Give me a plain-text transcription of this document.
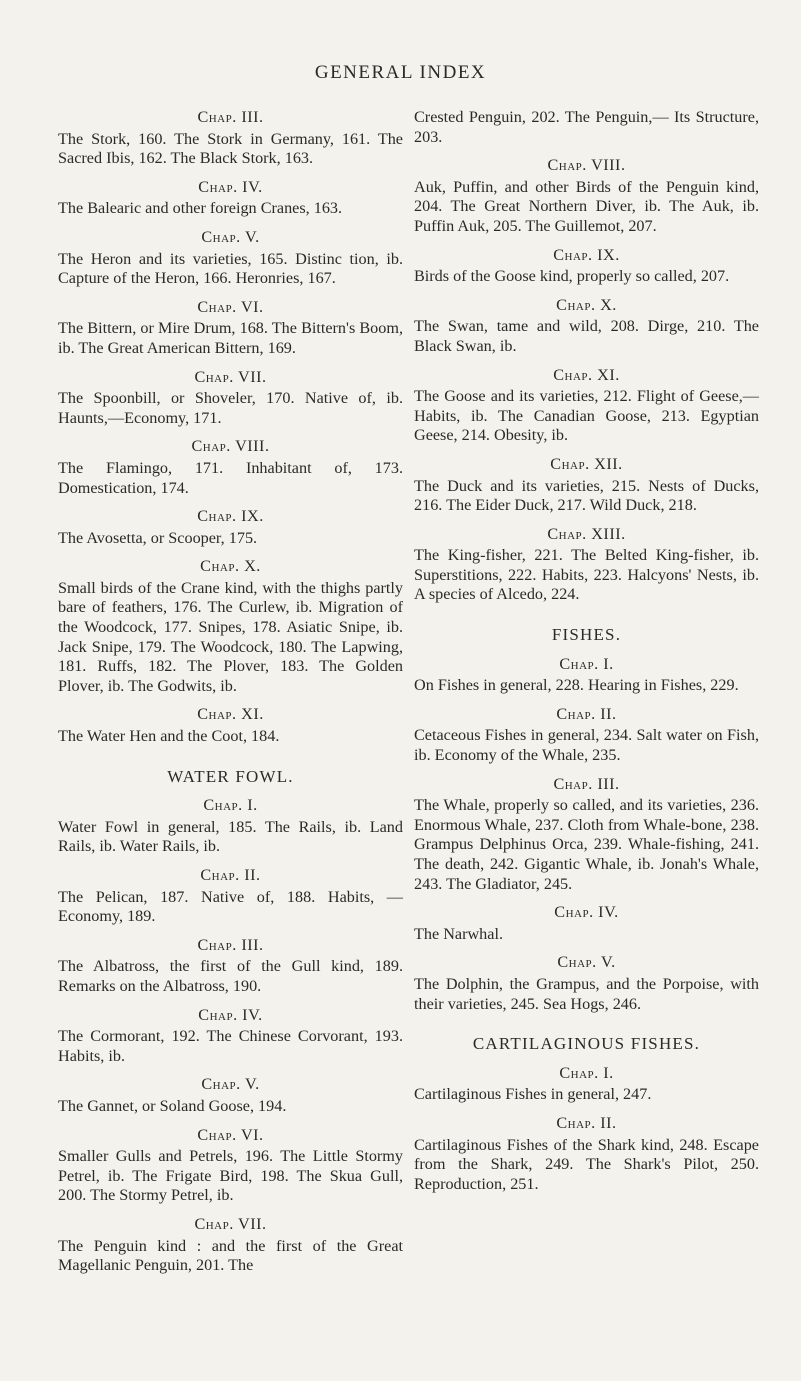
GENERAL INDEX
Chap. III.
The Stork, 160. The Stork in Germany, 161. The Sacred Ibis, 162. The Black Stork, 163.
Chap. IV.
The Balearic and other foreign Cranes, 163.
Chap. V.
The Heron and its varieties, 165. Distinc tion, ib. Capture of the Heron, 166. Heronries, 167.
Chap. VI.
The Bittern, or Mire Drum, 168. The Bittern's Boom, ib. The Great American Bittern, 169.
Chap. VII.
The Spoonbill, or Shoveler, 170. Native of, ib. Haunts,—Economy, 171.
Chap. VIII.
The Flamingo, 171. Inhabitant of, 173. Domestication, 174.
Chap. IX.
The Avosetta, or Scooper, 175.
Chap. X.
Small birds of the Crane kind, with the thighs partly bare of feathers, 176. The Curlew, ib. Migration of the Woodcock, 177. Snipes, 178. Asiatic Snipe, ib. Jack Snipe, 179. The Woodcock, 180. The Lapwing, 181. Ruffs, 182. The Plover, 183. The Golden Plover, ib. The Godwits, ib.
Chap. XI.
The Water Hen and the Coot, 184.
WATER FOWL.
Chap. I.
Water Fowl in general, 185. The Rails, ib. Land Rails, ib. Water Rails, ib.
Chap. II.
The Pelican, 187. Native of, 188. Habits, —Economy, 189.
Chap. III.
The Albatross, the first of the Gull kind, 189. Remarks on the Albatross, 190.
Chap. IV.
The Cormorant, 192. The Chinese Corvorant, 193. Habits, ib.
Chap. V.
The Gannet, or Soland Goose, 194.
Chap. VI.
Smaller Gulls and Petrels, 196. The Little Stormy Petrel, ib. The Frigate Bird, 198. The Skua Gull, 200. The Stormy Petrel, ib.
Chap. VII.
The Penguin kind : and the first of the Great Magellanic Penguin, 201. The
Crested Penguin, 202. The Penguin,— Its Structure, 203.
Chap. VIII.
Auk, Puffin, and other Birds of the Penguin kind, 204. The Great Northern Diver, ib. The Auk, ib. Puffin Auk, 205. The Guillemot, 207.
Chap. IX.
Birds of the Goose kind, properly so called, 207.
Chap. X.
The Swan, tame and wild, 208. Dirge, 210. The Black Swan, ib.
Chap. XI.
The Goose and its varieties, 212. Flight of Geese,—Habits, ib. The Canadian Goose, 213. Egyptian Geese, 214. Obesity, ib.
Chap. XII.
The Duck and its varieties, 215. Nests of Ducks, 216. The Eider Duck, 217. Wild Duck, 218.
Chap. XIII.
The King-fisher, 221. The Belted King-fisher, ib. Superstitions, 222. Habits, 223. Halcyons' Nests, ib. A species of Alcedo, 224.
FISHES.
Chap. I.
On Fishes in general, 228. Hearing in Fishes, 229.
Chap. II.
Cetaceous Fishes in general, 234. Salt water on Fish, ib. Economy of the Whale, 235.
Chap. III.
The Whale, properly so called, and its varieties, 236. Enormous Whale, 237. Cloth from Whale-bone, 238. Grampus Delphinus Orca, 239. Whale-fishing, 241. The death, 242. Gigantic Whale, ib. Jonah's Whale, 243. The Gladiator, 245.
Chap. IV.
The Narwhal.
Chap. V.
The Dolphin, the Grampus, and the Porpoise, with their varieties, 245. Sea Hogs, 246.
CARTILAGINOUS FISHES.
Chap. I.
Cartilaginous Fishes in general, 247.
Chap. II.
Cartilaginous Fishes of the Shark kind, 248. Escape from the Shark, 249. The Shark's Pilot, 250. Reproduction, 251.
